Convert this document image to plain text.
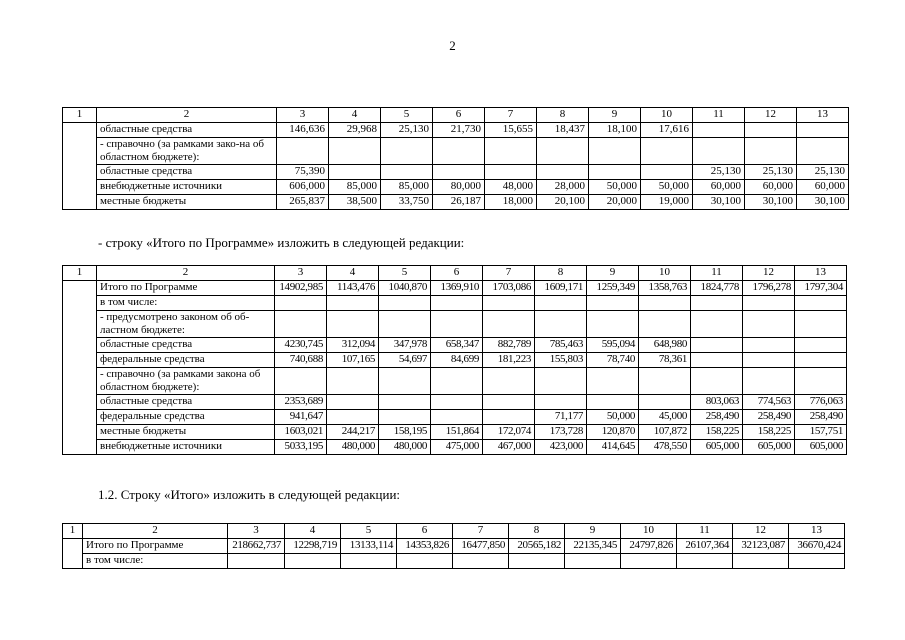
2
1	2	3	4	5	6	7	8	9	10	11	12	13
	областные средства	146,636	29,968	25,130	21,730	15,655	18,437	18,100	17,616			
	- справочно (за рамками зако-на об областном бюджете):											
	областные средства	75,390								25,130	25,130	25,130
	внебюджетные источники	606,000	85,000	85,000	80,000	48,000	28,000	50,000	50,000	60,000	60,000	60,000
	местные бюджеты	265,837	38,500	33,750	26,187	18,000	20,100	20,000	19,000	30,100	30,100	30,100
- строку «Итого по Программе» изложить в следующей редакции:
1	2	3	4	5	6	7	8	9	10	11	12	13
	Итого по Программе	14902,985	1143,476	1040,870	1369,910	1703,086	1609,171	1259,349	1358,763	1824,778	1796,278	1797,304
	в том числе:											
	- предусмотрено законом об об-ластном бюджете:											
	областные средства	4230,745	312,094	347,978	658,347	882,789	785,463	595,094	648,980			
	федеральные средства	740,688	107,165	54,697	84,699	181,223	155,803	78,740	78,361			
	- справочно (за рамками закона об областном бюджете):											
	областные средства	2353,689								803,063	774,563	776,063
	федеральные средства	941,647					71,177	50,000	45,000	258,490	258,490	258,490
	местные бюджеты	1603,021	244,217	158,195	151,864	172,074	173,728	120,870	107,872	158,225	158,225	157,751
	внебюджетные источники	5033,195	480,000	480,000	475,000	467,000	423,000	414,645	478,550	605,000	605,000	605,000
1.2. Строку «Итого» изложить в следующей редакции:
1	2	3	4	5	6	7	8	9	10	11	12	13
	Итого по Программе	218662,737	12298,719	13133,114	14353,826	16477,850	20565,182	22135,345	24797,826	26107,364	32123,087	36670,424
	в том числе:											
